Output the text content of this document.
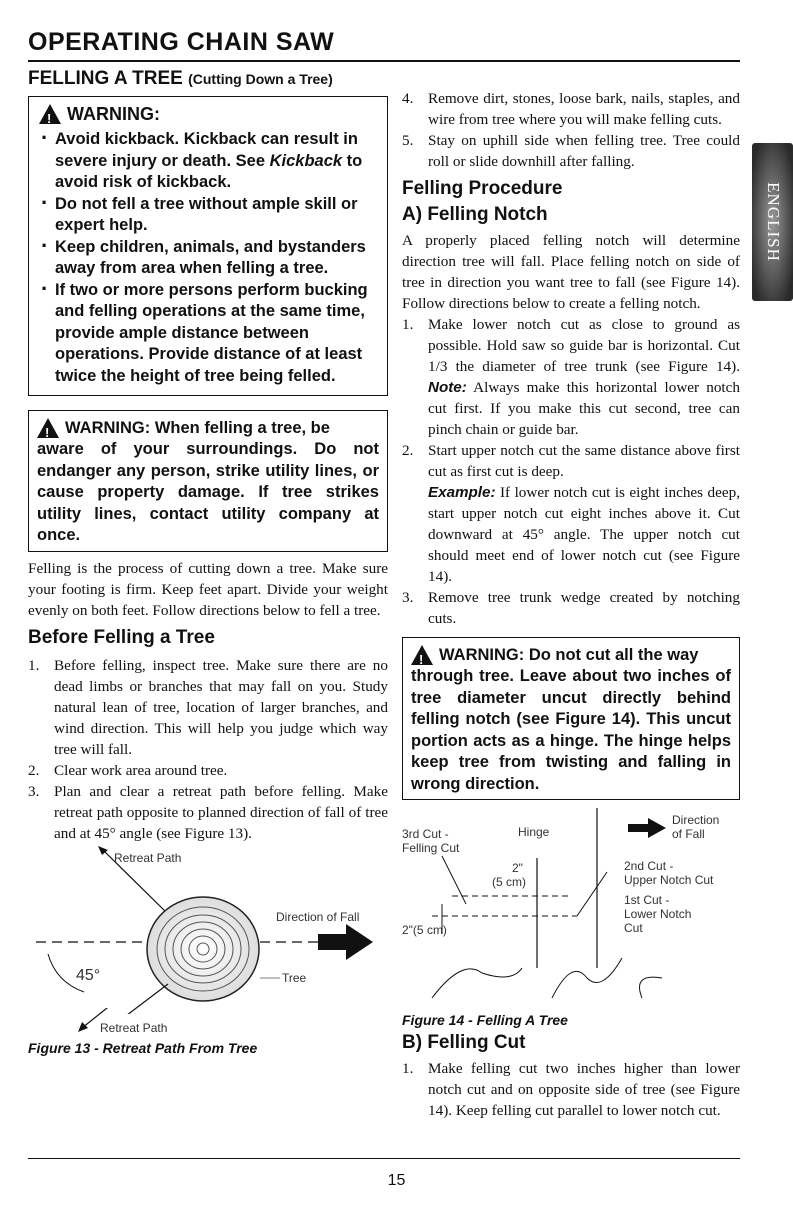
OPERATING CHAIN SAW
ENGLISH
FELLING A TREE (Cutting Down a Tree)
! WARNING:
· Avoid kickback. Kickback can result in severe injury or death. See Kickback to avoid risk of kickback.
· Do not fell a tree without ample skill or expert help.
· Keep children, animals, and bystanders away from area when felling a tree.
· If two or more persons perform bucking and felling operations at the same time, provide ample distance between operations. Provide distance of at least twice the height of tree being felled.
! WARNING: When felling a tree, be
aware of your surroundings. Do not endanger any person, strike utility lines, or cause property damage. If tree strikes utility lines, contact utility company at once.

Felling is the process of cutting down a tree. Make sure your footing is firm. Keep feet apart. Divide your weight evenly on both feet. Follow directions below to fell a tree.

Before Felling a Tree
1. Before felling, inspect tree. Make sure there are no dead limbs or branches that may fall on you. Study natural lean of tree, location of larger branches, and wind direction. This will help you judge which way tree will fall.
2. Clear work area around tree.
3. Plan and clear a retreat path before felling. Make retreat path opposite to planned direction of fall of tree and at 45° angle (see Figure 13).
Retreat Path
Direction of Fall
45°	Tree
Retreat Path
Figure 13 - Retreat Path From Tree
4. Remove dirt, stones, loose bark, nails, staples, and wire from tree where you will make felling cuts.
5. Stay on uphill side when felling tree. Tree could roll or slide downhill after falling.
Felling Procedure
A) Felling Notch

A properly placed felling notch will determine direction tree will fall. Place felling notch on side of tree in direction you want tree to fall (see Figure 14). Follow directions below to create a felling notch.

1. Make lower notch cut as close to ground as possible. Hold saw so guide bar is horizontal. Cut 1/3 the diameter of tree trunk (see Figure 14). Note: Always make this horizontal lower notch cut first. If you make this cut second, tree can pinch chain or guide bar.
2. Start upper notch cut the same distance above first cut as first cut is deep.
Example: If lower notch cut is eight inches deep, start upper notch cut eight inches above it. Cut downward at 45° angle. The upper notch cut should meet end of lower notch cut (see Figure 14).
3. Remove tree trunk wedge created by notching cuts.
! WARNING: Do not cut all the way
through tree. Leave about two inches of tree diameter uncut directly behind felling notch (see Figure 14). This uncut portion acts as a hinge. The hinge helps keep tree from twisting and falling in wrong direction.
3rd Cut -
Felling Cut
Hinge
Direction
of Fall
2"
(5 cm)
2nd Cut -
Upper Notch Cut
1st Cut -
Lower Notch
Cut
2"(5 cm)
Figure 14 - Felling A Tree
B) Felling Cut
1. Make felling cut two inches higher than lower notch cut and on opposite side of tree (see Figure 14). Keep felling cut parallel to lower notch cut.
15
